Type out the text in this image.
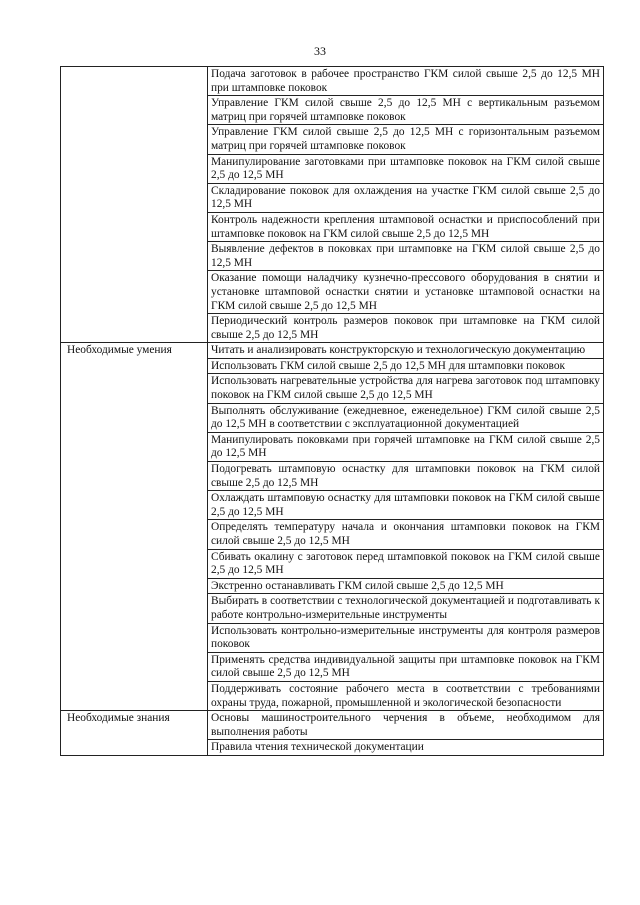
33
	Подача заготовок в рабочее пространство ГКМ силой свыше 2,5 до 12,5 МН при штамповке поковок
	Управление ГКМ силой свыше 2,5 до 12,5 МН с вертикальным разъемом матриц при горячей штамповке поковок
	Управление ГКМ силой свыше 2,5 до 12,5 МН с горизонтальным разъемом матриц при горячей штамповке поковок
	Манипулирование заготовками при штамповке поковок на ГКМ силой свыше 2,5 до 12,5 МН
	Складирование поковок для охлаждения на участке ГКМ силой свыше 2,5 до 12,5 МН
	Контроль надежности крепления штамповой оснастки и приспособлений при штамповке поковок на ГКМ силой свыше 2,5 до 12,5 МН
	Выявление дефектов в поковках при штамповке на ГКМ силой свыше 2,5 до 12,5 МН
	Оказание помощи наладчику кузнечно-прессового оборудования в снятии и установке штамповой оснастки снятии и установке штамповой оснастки на ГКМ силой свыше 2,5 до 12,5 МН
	Периодический контроль размеров поковок при штамповке на ГКМ силой свыше 2,5 до 12,5 МН
Необходимые умения	Читать и анализировать конструкторскую и технологическую документацию
	Использовать ГКМ силой свыше 2,5 до 12,5 МН для штамповки поковок
	Использовать нагревательные устройства для нагрева заготовок под штамповку поковок на ГКМ силой свыше 2,5 до 12,5 МН
	Выполнять обслуживание (ежедневное, еженедельное) ГКМ силой свыше 2,5 до 12,5 МН в соответствии с эксплуатационной документацией
	Манипулировать поковками при горячей штамповке на ГКМ силой свыше 2,5 до 12,5 МН
	Подогревать штамповую оснастку для штамповки поковок на ГКМ силой свыше 2,5 до 12,5 МН
	Охлаждать штамповую оснастку для штамповки поковок на ГКМ силой свыше 2,5 до 12,5 МН
	Определять температуру начала и окончания штамповки поковок на ГКМ силой свыше 2,5 до 12,5 МН
	Сбивать окалину с заготовок перед штамповкой поковок на ГКМ силой свыше 2,5 до 12,5 МН
	Экстренно останавливать ГКМ силой свыше 2,5 до 12,5 МН
	Выбирать в соответствии с технологической документацией и подготавливать к работе контрольно-измерительные инструменты
	Использовать контрольно-измерительные инструменты для контроля размеров поковок
	Применять средства индивидуальной защиты при штамповке поковок на ГКМ силой свыше 2,5 до 12,5 МН
	Поддерживать состояние рабочего места в соответствии с требованиями охраны труда, пожарной, промышленной и экологической безопасности
Необходимые знания	Основы машиностроительного черчения в объеме, необходимом для выполнения работы
	Правила чтения технической документации
